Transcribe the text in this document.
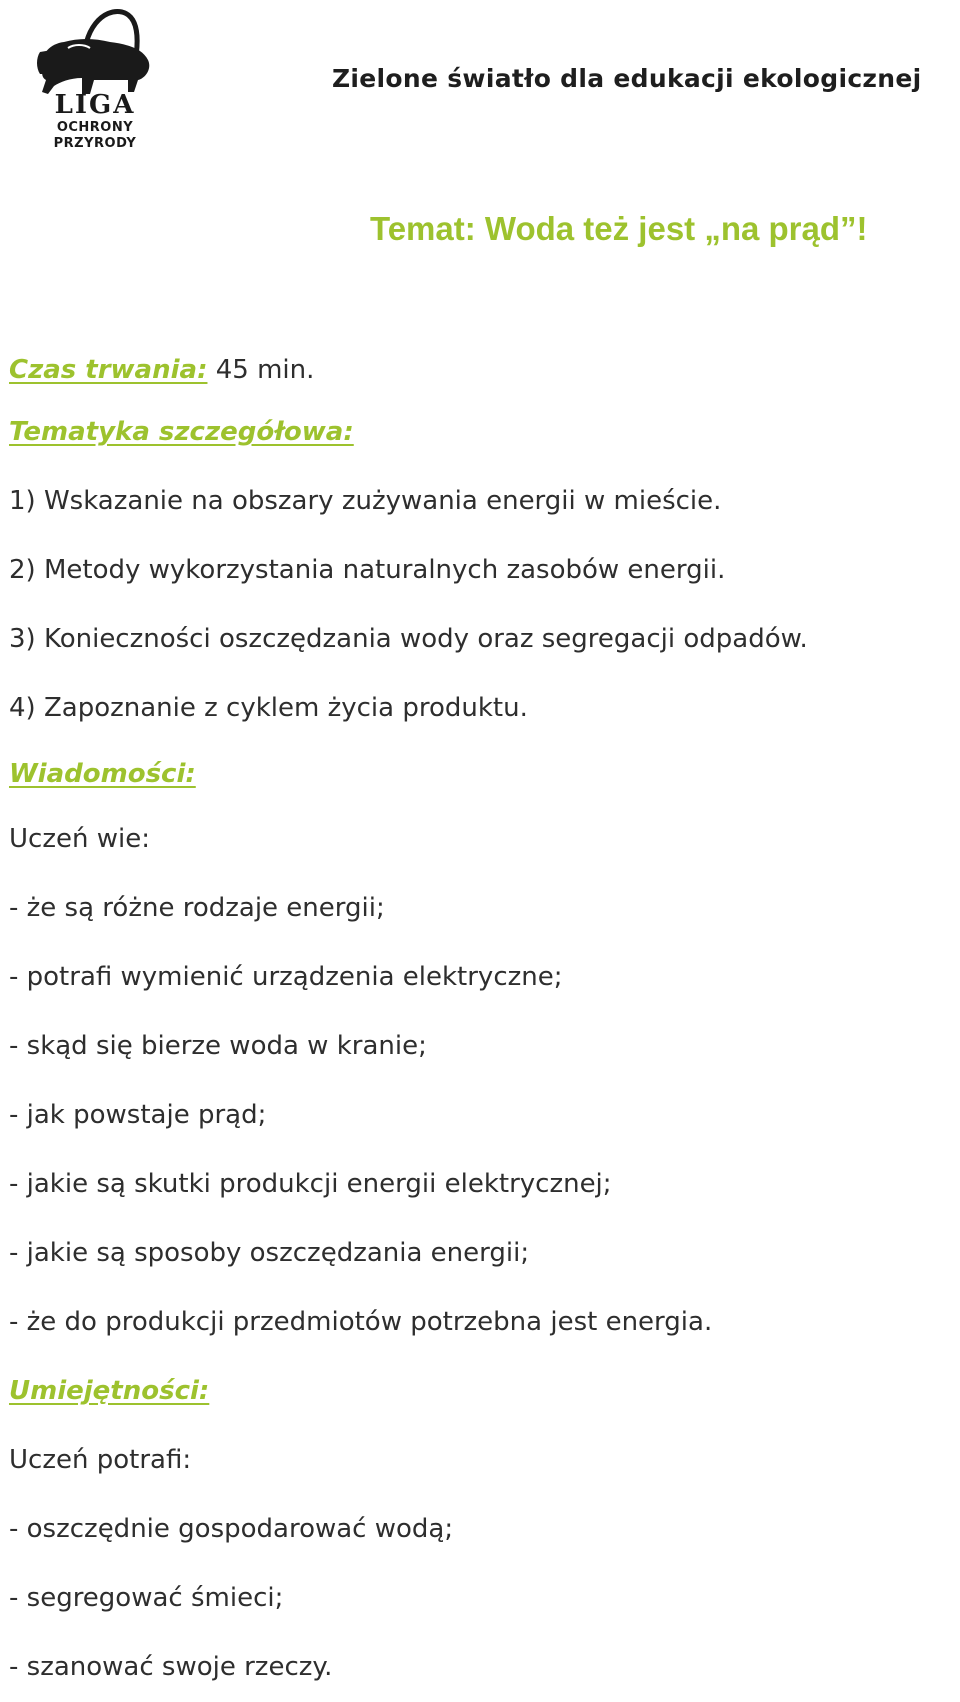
LIGA
OCHRONY
PRZYRODY
Zielone światło dla edukacji ekologicznej
Temat: Woda też jest „na prąd”!
Czas trwania: 45 min.
Tematyka szczegółowa:
1) Wskazanie na obszary zużywania energii w mieście.
2) Metody wykorzystania naturalnych zasobów energii.
3) Konieczności oszczędzania wody oraz segregacji odpadów.
4) Zapoznanie z cyklem życia produktu.
Wiadomości:
Uczeń wie:
- że są różne rodzaje energii;
- potrafi wymienić urządzenia elektryczne;
- skąd się bierze woda w kranie;
- jak powstaje prąd;
- jakie są skutki produkcji energii elektrycznej;
- jakie są sposoby oszczędzania energii;
- że do produkcji przedmiotów potrzebna jest energia.
Umiejętności:
Uczeń potrafi:
- oszczędnie gospodarować wodą;
- segregować śmieci;
- szanować swoje rzeczy.
